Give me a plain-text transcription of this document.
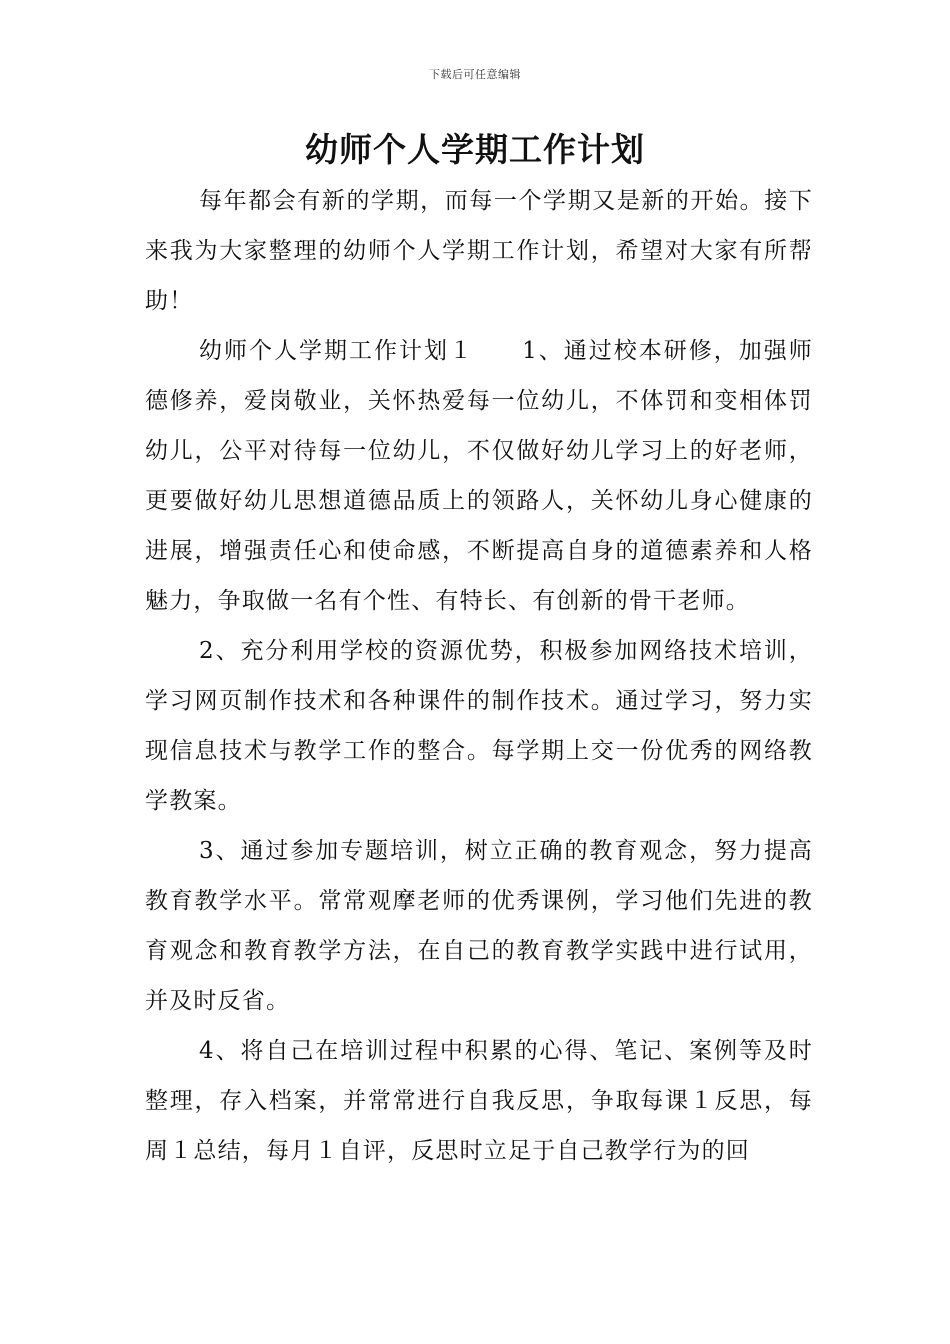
下载后可任意编辑
幼师个人学期工作计划

每年都会有新的学期，而每一个学期又是新的开始。接下来我为大家整理的幼师个人学期工作计划，希望对大家有所帮助！

幼师个人学期工作计划１ 1、通过校本研修，加强师德修养，爱岗敬业，关怀热爱每一位幼儿，不体罚和变相体罚幼儿，公平对待每一位幼儿，不仅做好幼儿学习上的好老师，更要做好幼儿思想道德品质上的领路人，关怀幼儿身心健康的进展，增强责任心和使命感，不断提高自身的道德素养和人格魅力，争取做一名有个性、有特长、有创新的骨干老师。

2、充分利用学校的资源优势，积极参加网络技术培训，学习网页制作技术和各种课件的制作技术。通过学习，努力实现信息技术与教学工作的整合。每学期上交一份优秀的网络教学教案。

3、通过参加专题培训，树立正确的教育观念，努力提高教育教学水平。常常观摩老师的优秀课例，学习他们先进的教育观念和教育教学方法，在自己的教育教学实践中进行试用，并及时反省。

4、将自己在培训过程中积累的心得、笔记、案例等及时整理，存入档案，并常常进行自我反思，争取每课１反思，每周１总结，每月１自评，反思时立足于自己教学行为的回
